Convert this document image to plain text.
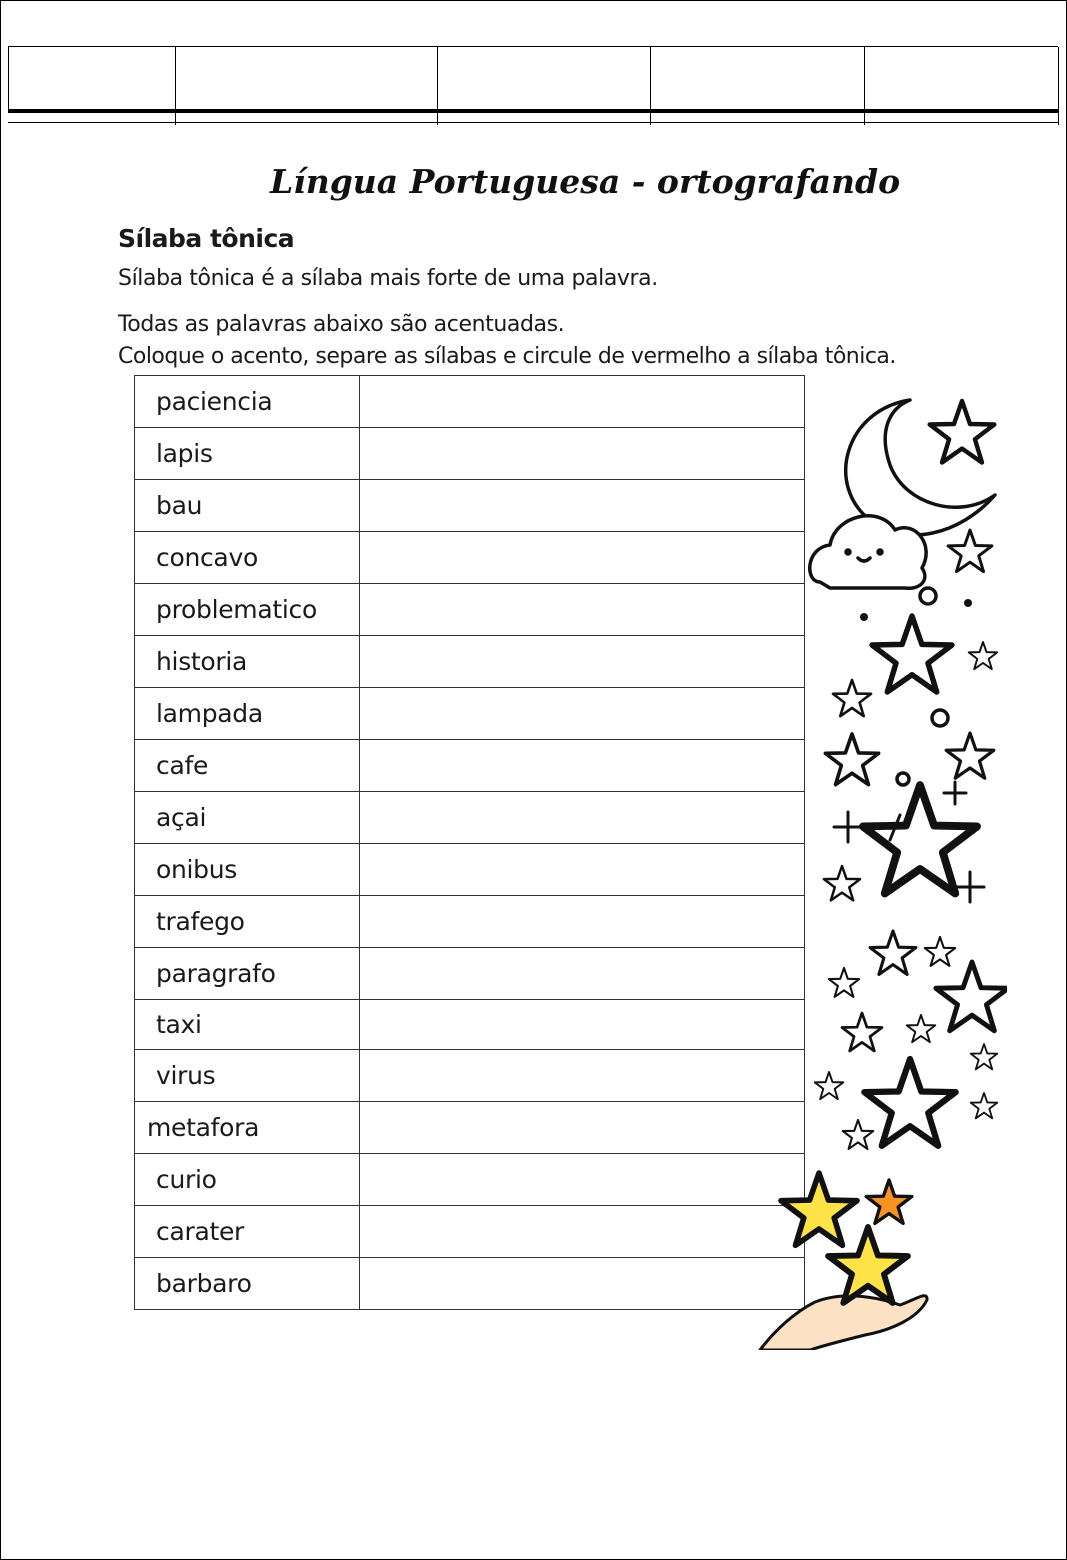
Língua Portuguesa - ortografando
Sílaba tônica
Sílaba tônica é a sílaba mais forte de uma palavra.
Todas as palavras abaixo são acentuadas.
Coloque o acento, separe as sílabas e circule de vermelho a sílaba tônica.
paciencia	
lapis	
bau	
concavo	
problematico	
historia	
lampada	
cafe	
açai	
onibus	
trafego	
paragrafo	
taxi	
virus	
metafora	
curio	
carater	
barbaro	
